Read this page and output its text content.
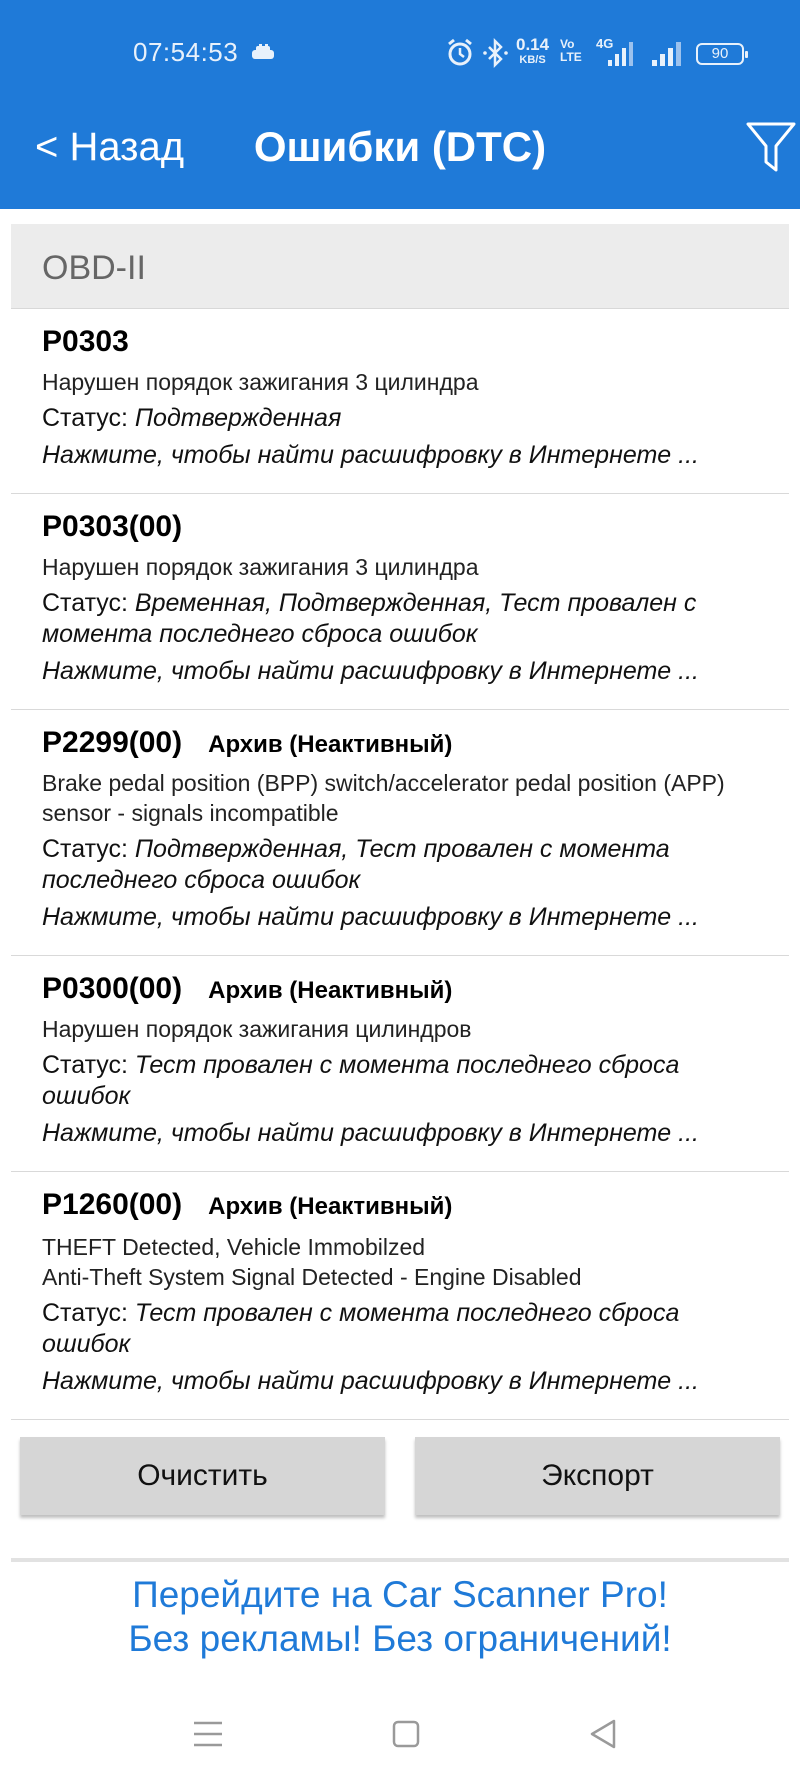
07:54:53	0.14
KB/S
Vo
LTE
4G
90
< Назад	Ошибки (DTC)
OBD-II
P0303
Нарушен порядок зажигания 3 цилиндра
Статус: Подтвержденная
Нажмите, чтобы найти расшифровку в Интернете ...
P0303(00)
Нарушен порядок зажигания 3 цилиндра
Статус: Временная, Подтвержденная, Тест провален с момента последнего сброса ошибок
Нажмите, чтобы найти расшифровку в Интернете ...
P2299(00) Архив (Неактивный)
Brake pedal position (BPP) switch/accelerator pedal position (APP) sensor - signals incompatible
Статус: Подтвержденная, Тест провален с момента последнего сброса ошибок
Нажмите, чтобы найти расшифровку в Интернете ...
P0300(00) Архив (Неактивный)
Нарушен порядок зажигания цилиндров
Статус: Тест провален с момента последнего сброса ошибок
Нажмите, чтобы найти расшифровку в Интернете ...
P1260(00) Архив (Неактивный)
THEFT Detected, Vehicle Immobilzed
Anti-Theft System Signal Detected - Engine Disabled
Статус: Тест провален с момента последнего сброса ошибок
Нажмите, чтобы найти расшифровку в Интернете ...
Очистить	Экспорт
Перейдите на Car Scanner Pro!
Без рекламы! Без ограничений!
